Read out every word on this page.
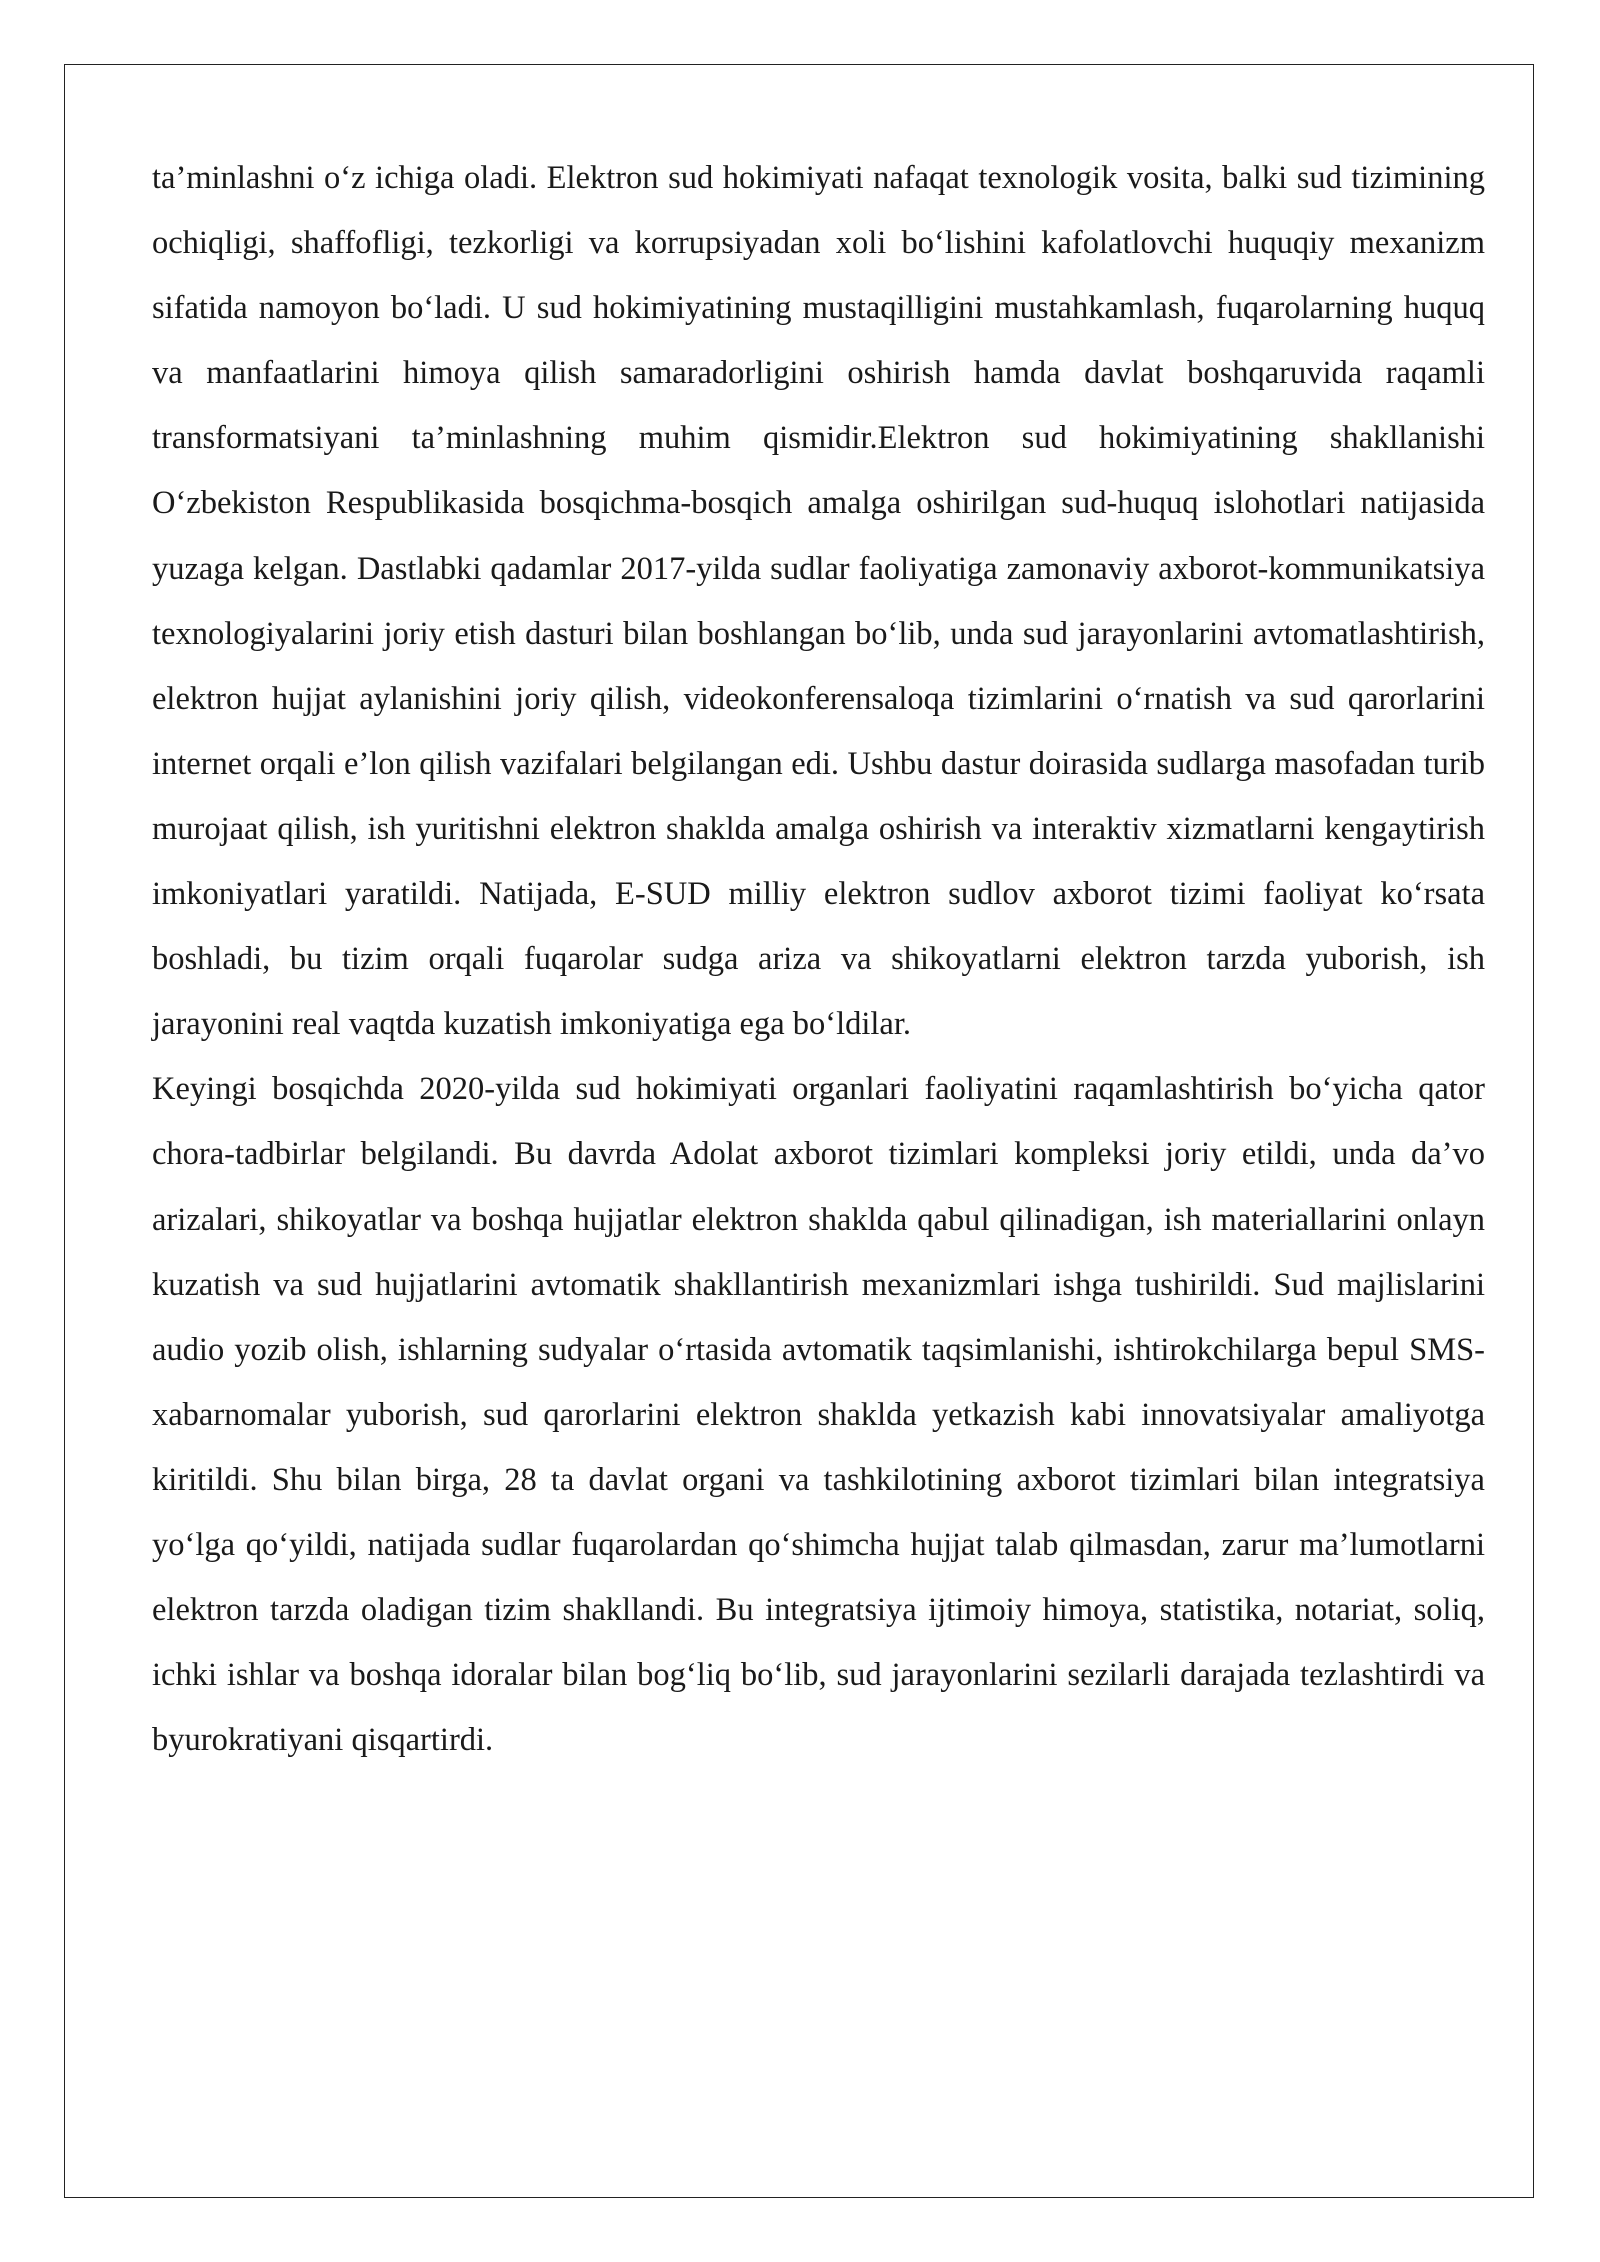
ta’minlashni o‘z ichiga oladi. Elektron sud hokimiyati nafaqat texnologik vosita, balki sud tizimining ochiqligi, shaffofligi, tezkorligi va korrupsiyadan xoli bo‘lishini kafolatlovchi huquqiy mexanizm sifatida namoyon bo‘ladi. U sud hokimiyatining mustaqilligini mustahkamlash, fuqarolarning huquq va manfaatlarini himoya qilish samaradorligini oshirish hamda davlat boshqaruvida raqamli transformatsiyani ta’minlashning muhim qismidir.Elektron sud hokimiyatining shakllanishi O‘zbekiston Respublikasida bosqichma-bosqich amalga oshirilgan sud-huquq islohotlari natijasida yuzaga kelgan. Dastlabki qadamlar 2017-yilda sudlar faoliyatiga zamonaviy axborot-kommunikatsiya texnologiyalarini joriy etish dasturi bilan boshlangan bo‘lib, unda sud jarayonlarini avtomatlashtirish, elektron hujjat aylanishini joriy qilish, videokonferensaloqa tizimlarini o‘rnatish va sud qarorlarini internet orqali e’lon qilish vazifalari belgilangan edi. Ushbu dastur doirasida sudlarga masofadan turib murojaat qilish, ish yuritishni elektron shaklda amalga oshirish va interaktiv xizmatlarni kengaytirish imkoniyatlari yaratildi. Natijada, E-SUD milliy elektron sudlov axborot tizimi faoliyat ko‘rsata boshladi, bu tizim orqali fuqarolar sudga ariza va shikoyatlarni elektron tarzda yuborish, ish jarayonini real vaqtda kuzatish imkoniyatiga ega bo‘ldilar.

Keyingi bosqichda 2020-yilda sud hokimiyati organlari faoliyatini raqamlashtirish bo‘yicha qator chora-tadbirlar belgilandi. Bu davrda Adolat axborot tizimlari kompleksi joriy etildi, unda da’vo arizalari, shikoyatlar va boshqa hujjatlar elektron shaklda qabul qilinadigan, ish materiallarini onlayn kuzatish va sud hujjatlarini avtomatik shakllantirish mexanizmlari ishga tushirildi. Sud majlislarini audio yozib olish, ishlarning sudyalar o‘rtasida avtomatik taqsimlanishi, ishtirokchilarga bepul SMS-xabarnomalar yuborish, sud qarorlarini elektron shaklda yetkazish kabi innovatsiyalar amaliyotga kiritildi. Shu bilan birga, 28 ta davlat organi va tashkilotining axborot tizimlari bilan integratsiya yo‘lga qo‘yildi, natijada sudlar fuqarolardan qo‘shimcha hujjat talab qilmasdan, zarur ma’lumotlarni elektron tarzda oladigan tizim shakllandi. Bu integratsiya ijtimoiy himoya, statistika, notariat, soliq, ichki ishlar va boshqa idoralar bilan bog‘liq bo‘lib, sud jarayonlarini sezilarli darajada tezlashtirdi va byurokratiyani qisqartirdi.
